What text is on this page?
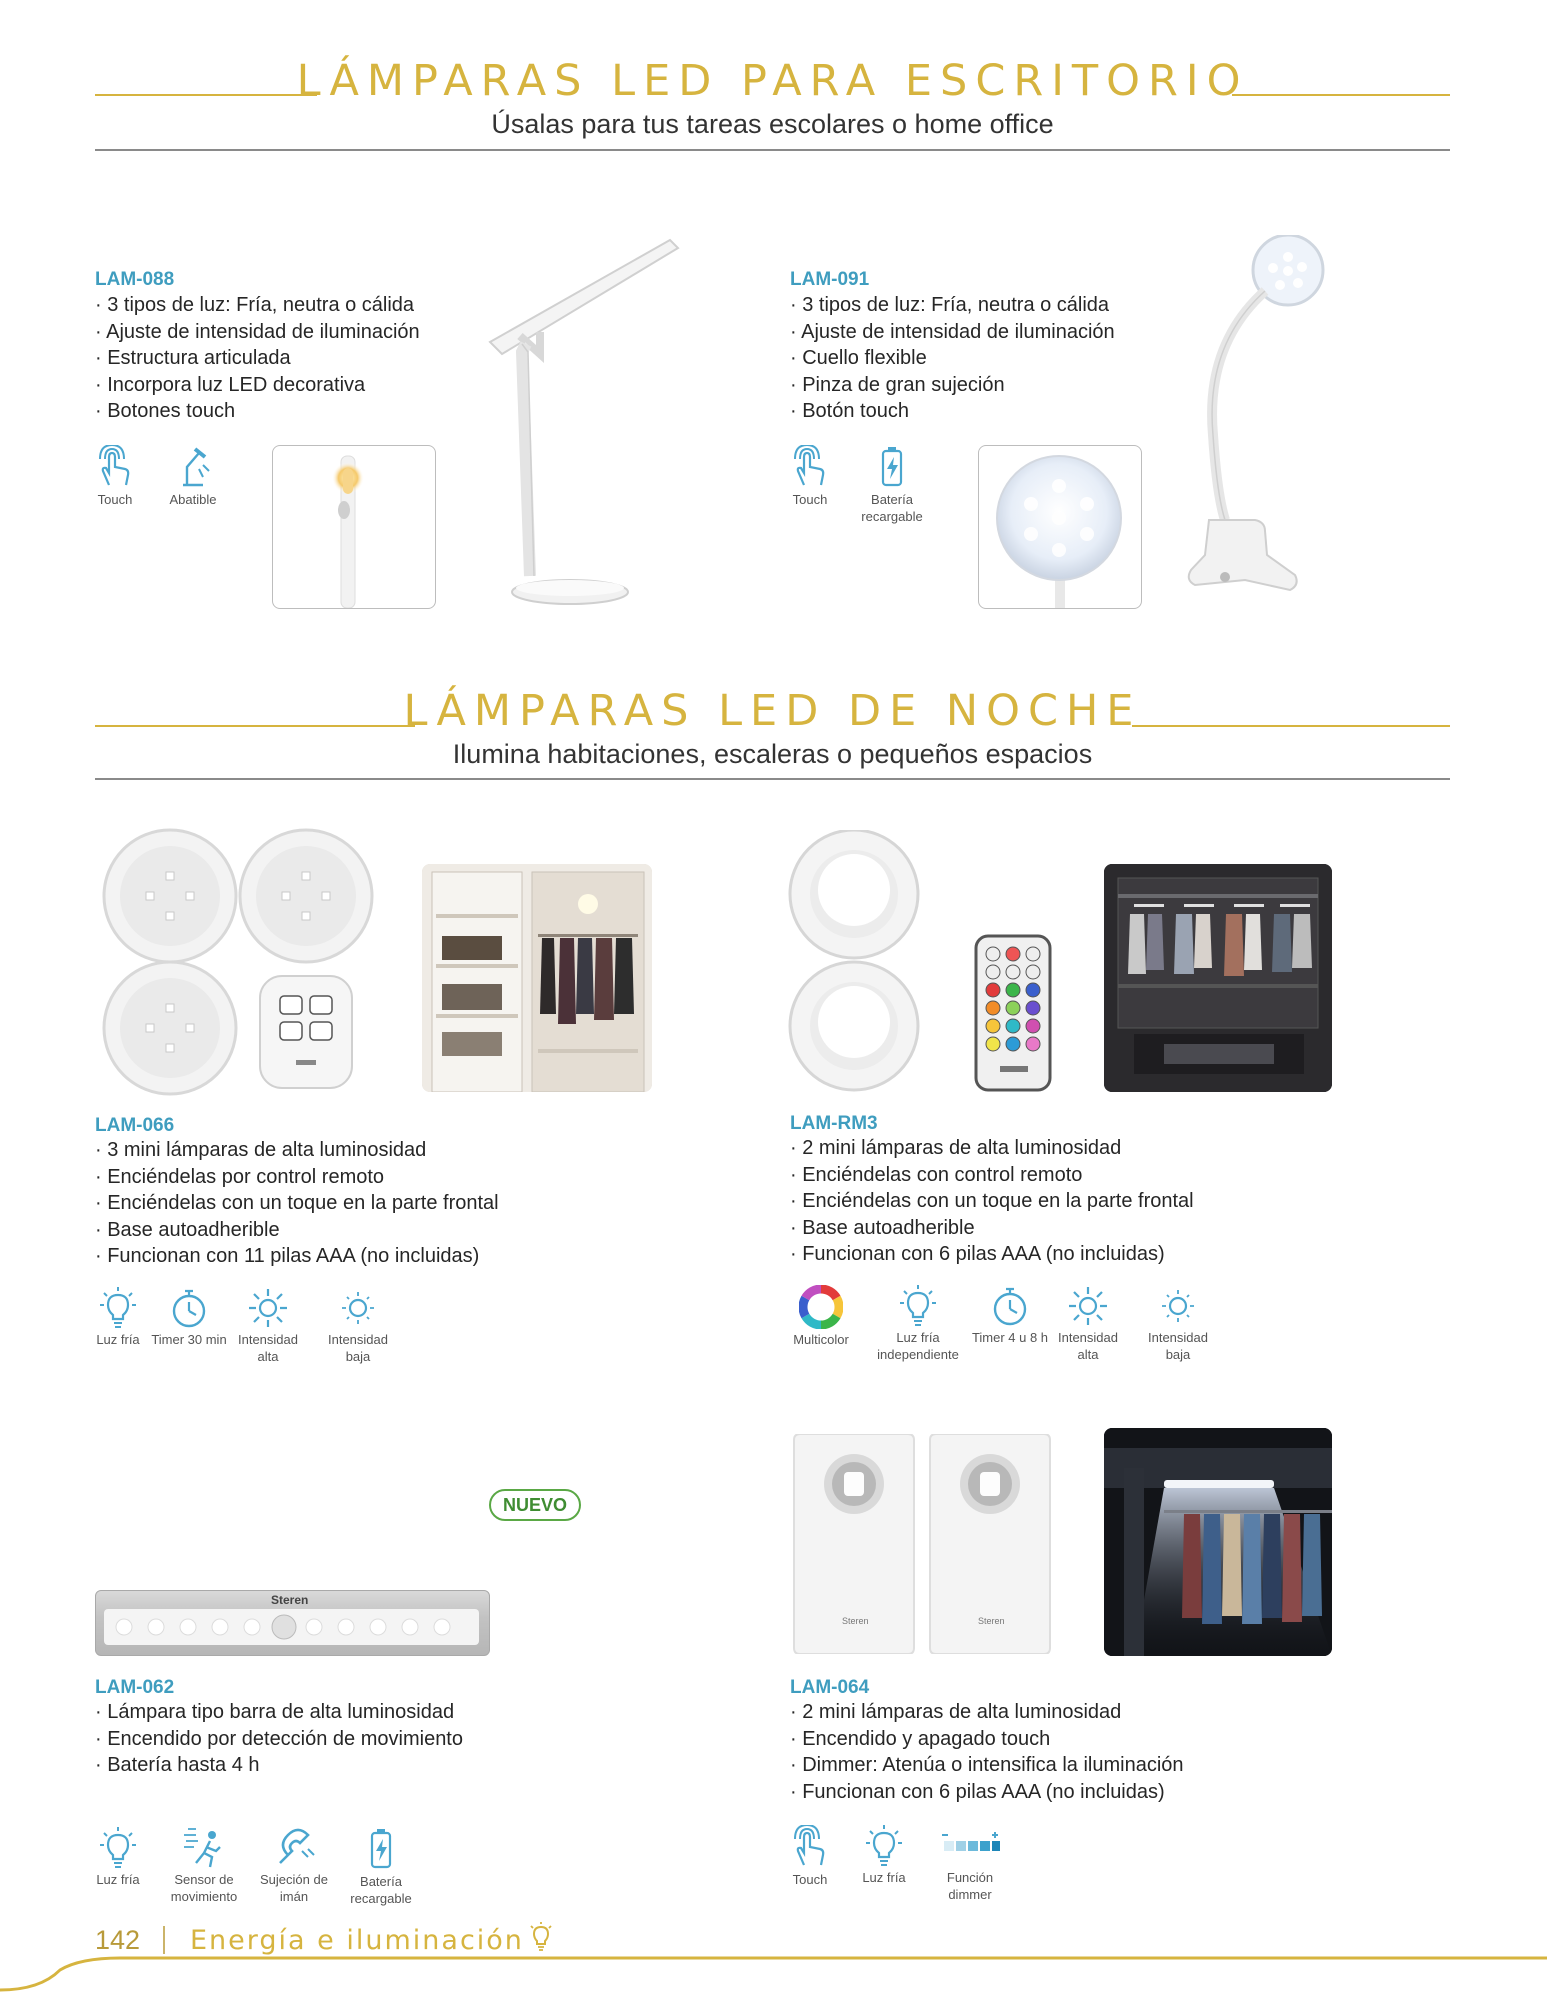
LÁMPARAS LED PARA ESCRITORIO
Úsalas para tus tareas escolares o home office
LAM-088
· 3 tipos de luz: Fría, neutra o cálida
· Ajuste de intensidad de iluminación
· Estructura articulada
· Incorpora luz LED decorativa
· Botones touch
Touch	Abatible
LAM-091
· 3 tipos de luz: Fría, neutra o cálida
· Ajuste de intensidad de iluminación
· Cuello flexible
· Pinza de gran sujeción
· Botón touch
Touch	Batería recargable
LÁMPARAS LED DE NOCHE
Ilumina habitaciones, escaleras o pequeños espacios
LAM-066
· 3 mini lámparas de alta luminosidad
· Enciéndelas por control remoto
· Enciéndelas con un toque en la parte frontal
· Base autoadherible
· Funcionan con 11 pilas AAA (no incluidas)
Luz fría Timer 30 min Intensidad alta
Intensidad baja
LAM-RM3
· 2 mini lámparas de alta luminosidad
· Enciéndelas con control remoto
· Enciéndelas con un toque en la parte frontal
· Base autoadherible
· Funcionan con 6 pilas AAA (no incluidas)
Multicolor	Luz fría independiente
Timer 4 u 8 h Intensidad alta
Intensidad baja
NUEVO
Steren
LAM-062
· Lámpara tipo barra de alta luminosidad
· Encendido por detección de movimiento
· Batería hasta 4 h
Luz fría	Sensor de movimiento
Sujeción de imán
Batería recargable
Steren	Steren
LAM-064
· 2 mini lámparas de alta luminosidad
· Encendido y apagado touch
· Dimmer: Atenúa o intensifica la iluminación
· Funcionan con 6 pilas AAA (no incluidas)
Touch	Luz fría	Función dimmer
142 Energía e iluminación
